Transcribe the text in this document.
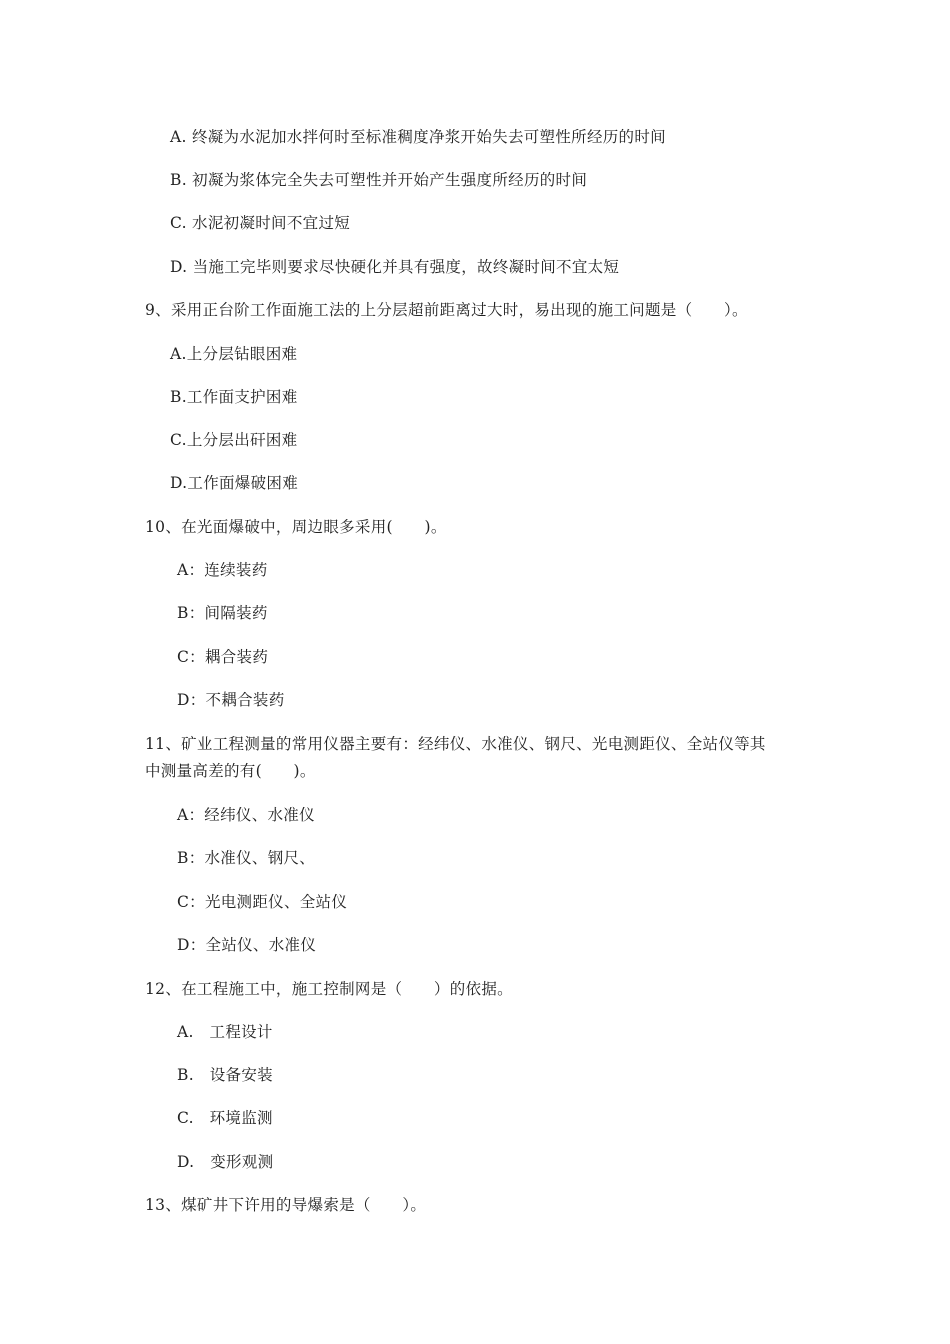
A. 终凝为水泥加水拌何时至标准稠度净浆开始失去可塑性所经历的时间
B. 初凝为浆体完全失去可塑性并开始产生强度所经历的时间
C. 水泥初凝时间不宜过短
D. 当施工完毕则要求尽快硬化并具有强度，故终凝时间不宜太短
9、采用正台阶工作面施工法的上分层超前距离过大时，易出现的施工问题是（　　）。
A.上分层钻眼困难
B.工作面支护困难
C.上分层出矸困难
D.工作面爆破困难
10、在光面爆破中，周边眼多采用(　　)。
A：连续装药
B：间隔装药
C：耦合装药
D：不耦合装药
11、矿业工程测量的常用仪器主要有：经纬仪、水准仪、钢尺、光电测距仪、全站仪等其
中测量高差的有(　　)。
A：经纬仪、水准仪
B：水准仪、钢尺、
C：光电测距仪、全站仪
D：全站仪、水准仪
12、在工程施工中，施工控制网是（　　）的依据。
A.　工程设计
B.　设备安装
C.　环境监测
D.　变形观测
13、煤矿井下许用的导爆索是（　　）。
